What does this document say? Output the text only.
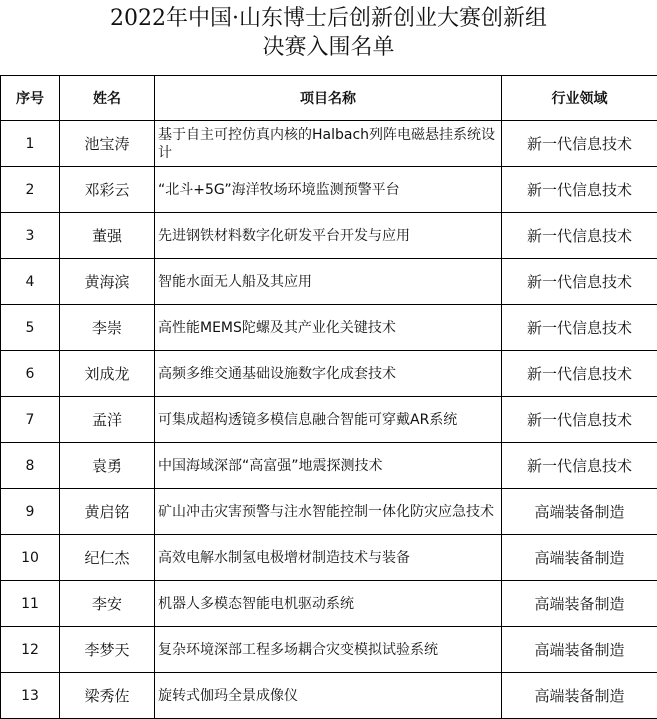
2022年中国·山东博士后创新创业大赛创新组
决赛入围名单
序号	姓名	项目名称	行业领域
1	池宝涛	基于自主可控仿真内核的Halbach列阵电磁悬挂系统设计	新一代信息技术
2	邓彩云	“北斗+5G”海洋牧场环境监测预警平台	新一代信息技术
3	董强	先进钢铁材料数字化研发平台开发与应用	新一代信息技术
4	黄海滨	智能水面无人船及其应用	新一代信息技术
5	李崇	高性能MEMS陀螺及其产业化关键技术	新一代信息技术
6	刘成龙	高频多维交通基础设施数字化成套技术	新一代信息技术
7	孟洋	可集成超构透镜多模信息融合智能可穿戴AR系统	新一代信息技术
8	袁勇	中国海域深部“高富强”地震探测技术	新一代信息技术
9	黄启铭	矿山冲击灾害预警与注水智能控制一体化防灾应急技术	高端装备制造
10	纪仁杰	高效电解水制氢电极增材制造技术与装备	高端装备制造
11	李安	机器人多模态智能电机驱动系统	高端装备制造
12	李梦天	复杂环境深部工程多场耦合灾变模拟试验系统	高端装备制造
13	梁秀佐	旋转式伽玛全景成像仪	高端装备制造
